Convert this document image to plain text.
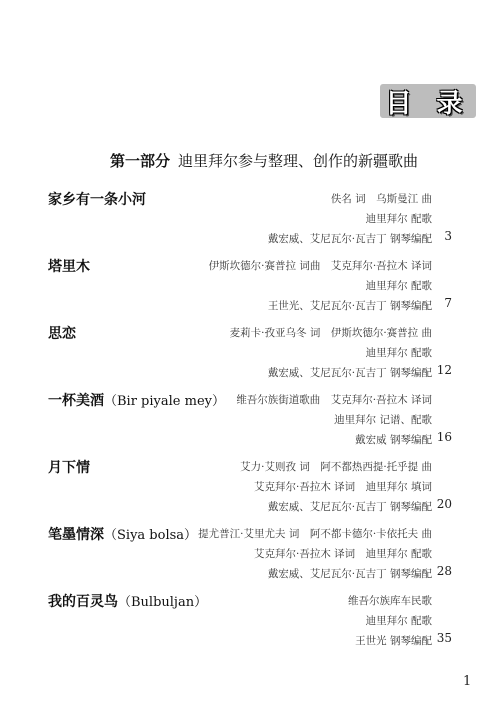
目 录
第一部分 迪里拜尔参与整理、创作的新疆歌曲
家乡有一条小河	佚名 词　乌斯曼江 曲
迪里拜尔 配歌
戴宏威、艾尼瓦尔·瓦吉丁 钢琴编配 3
塔里木	伊斯坎德尔·赛普拉 词曲　艾克拜尔·吾拉木 译词
迪里拜尔 配歌
王世光、艾尼瓦尔·瓦吉丁 钢琴编配 7
思恋	麦莉卡·孜亚乌冬 词　伊斯坎德尔·赛普拉 曲
迪里拜尔 配歌
戴宏威、艾尼瓦尔·瓦吉丁 钢琴编配 12
一杯美酒（Bir piyale mey） 维吾尔族街道歌曲　艾克拜尔·吾拉木 译词
迪里拜尔 记谱、配歌
戴宏威 钢琴编配 16
月下情	艾力·艾则孜 词　阿不都热西提·托乎提 曲
艾克拜尔·吾拉木 译词　迪里拜尔 填词
戴宏威、艾尼瓦尔·瓦吉丁 钢琴编配 20
笔墨情深（Siya bolsa） 提尤普江·艾里尤夫 词　阿不都卡德尔·卡依托夫 曲
艾克拜尔·吾拉木 译词　迪里拜尔 配歌
戴宏威、艾尼瓦尔·瓦吉丁 钢琴编配 28
我的百灵鸟（Bulbuljan）	维吾尔族库车民歌
迪里拜尔 配歌
王世光 钢琴编配 35
1
